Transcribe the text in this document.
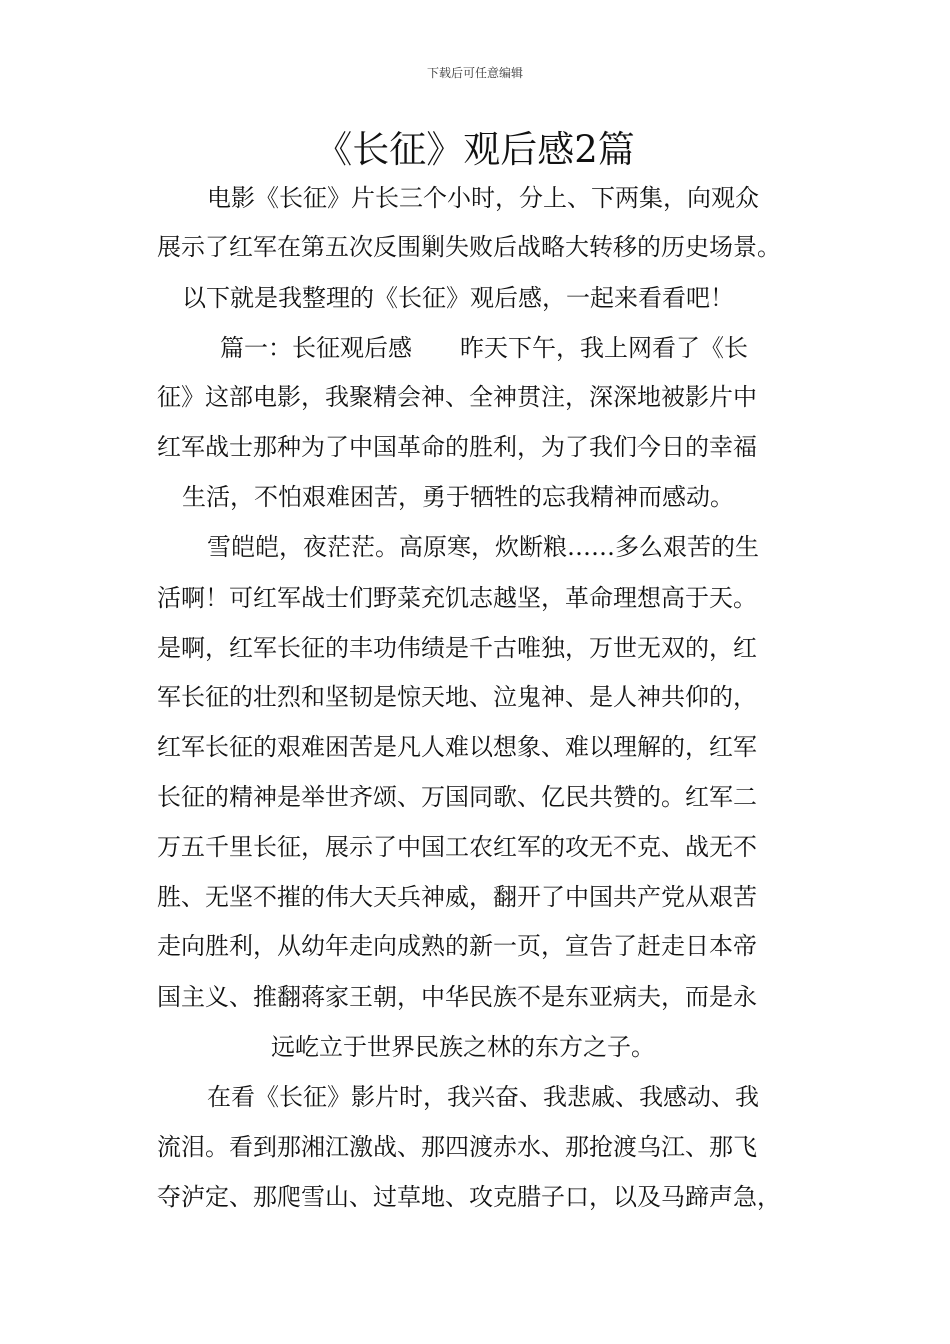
下载后可任意编辑
《长征》观后感2篇
电影《长征》片长三个小时，分上、下两集，向观众
展示了红军在第五次反围剿失败后战略大转移的历史场景。
以下就是我整理的《长征》观后感，一起来看看吧！
篇一：长征观后感　　昨天下午，我上网看了《长
征》这部电影，我聚精会神、全神贯注，深深地被影片中
红军战士那种为了中国革命的胜利，为了我们今日的幸福
生活，不怕艰难困苦，勇于牺牲的忘我精神而感动。
雪皑皑，夜茫茫。高原寒，炊断粮……多么艰苦的生
活啊！可红军战士们野菜充饥志越坚，革命理想高于天。
是啊，红军长征的丰功伟绩是千古唯独，万世无双的，红
军长征的壮烈和坚韧是惊天地、泣鬼神、是人神共仰的，
红军长征的艰难困苦是凡人难以想象、难以理解的，红军
长征的精神是举世齐颂、万国同歌、亿民共赞的。红军二
万五千里长征，展示了中国工农红军的攻无不克、战无不
胜、无坚不摧的伟大天兵神威，翻开了中国共产党从艰苦
走向胜利，从幼年走向成熟的新一页，宣告了赶走日本帝
国主义、推翻蒋家王朝，中华民族不是东亚病夫，而是永
远屹立于世界民族之林的东方之子。
在看《长征》影片时，我兴奋、我悲戚、我感动、我
流泪。看到那湘江激战、那四渡赤水、那抢渡乌江、那飞
夺泸定、那爬雪山、过草地、攻克腊子口，以及马蹄声急，
